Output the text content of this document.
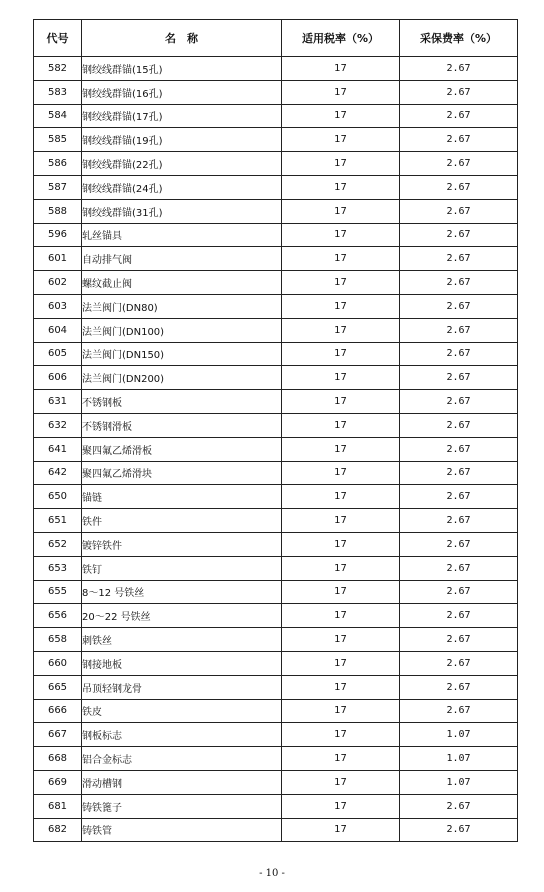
代号	名　称	适用税率（%）	采保费率（%）
582	钢绞线群锚(15孔)	17	2.67
583	钢绞线群锚(16孔)	17	2.67
584	钢绞线群锚(17孔)	17	2.67
585	钢绞线群锚(19孔)	17	2.67
586	钢绞线群锚(22孔)	17	2.67
587	钢绞线群锚(24孔)	17	2.67
588	钢绞线群锚(31孔)	17	2.67
596	轧丝锚具	17	2.67
601	自动排气阀	17	2.67
602	螺纹截止阀	17	2.67
603	法兰阀门(DN80)	17	2.67
604	法兰阀门(DN100)	17	2.67
605	法兰阀门(DN150)	17	2.67
606	法兰阀门(DN200)	17	2.67
631	不锈钢板	17	2.67
632	不锈钢滑板	17	2.67
641	聚四氟乙烯滑板	17	2.67
642	聚四氟乙烯滑块	17	2.67
650	锚链	17	2.67
651	铁件	17	2.67
652	镀锌铁件	17	2.67
653	铁钉	17	2.67
655	8～12 号铁丝	17	2.67
656	20～22 号铁丝	17	2.67
658	刺铁丝	17	2.67
660	钢接地板	17	2.67
665	吊顶轻钢龙骨	17	2.67
666	铁皮	17	2.67
667	钢板标志	17	1.07
668	铝合金标志	17	1.07
669	滑动槽钢	17	1.07
681	铸铁篦子	17	2.67
682	铸铁管	17	2.67
- 10 -
